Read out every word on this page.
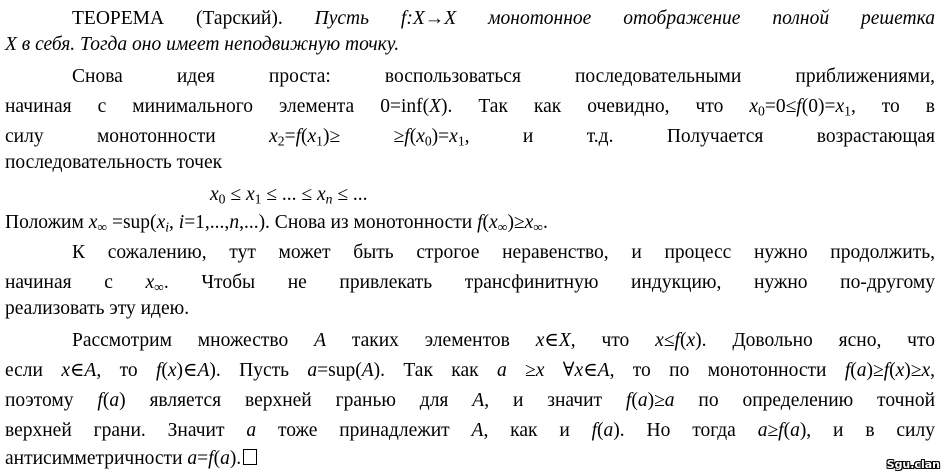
ТЕОРЕМА (Тарский). Пусть f:X→X монотонное отображение полной решетка
X в себя. Тогда оно имеет неподвижную точку.
Снова идея проста: воспользоваться последовательными приближениями,
начиная с минимального элемента 0=inf(X). Так как очевидно, что $x_0=0\le f(0)=x_1$, то в
силу монотонности $x_2=f(x_1)\ge \ge f(x_0)=x_1$, и т.д. Получается возрастающая
последовательность точек
$x_0 \le x_1$ ≤ ... ≤ $x_n$ ≤ ...
Положим $x_\infty =sup(x_i$, i=1,...,n,...). Снова из монотонности $f(x_\infty)\ge x_\infty$.
К сожалению, тут может быть строгое неравенство, и процесс нужно продолжить,
начиная с $x_\infty$. Чтобы не привлекать трансфинитную индукцию, нужно по-другому
реализовать эту идею.
Рассмотрим множество A таких элементов x∈X, что x≤f(x). Довольно ясно, что
если x∈A, то f(x)∈A). Пусть a=sup(A). Так как a ≥x ∀x∈A, то по монотонности f(a)≥f(x)≥x,
поэтому f(a) является верхней гранью для A, и значит f(a)≥a по определению точной
верхней грани. Значит a тоже принадлежит A, как и f(a). Но тогда a≥f(a), и в силу
антисимметричности a=f(a).	Sgu.clan
